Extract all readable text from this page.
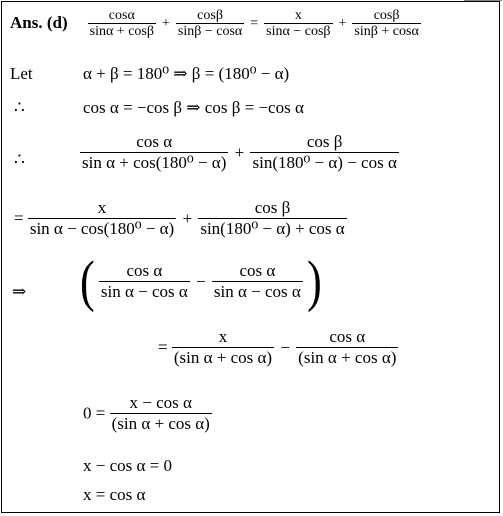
Ans. $(d) \frac{\cos\alpha}{\sin\alpha + \cos\beta} + \frac{\cos\beta}{\sin\beta - \cos\alpha} = \frac{x}{\sin\alpha - \cos\beta} + \frac{\cos\beta}{\sin\beta + \cos\alpha}$
Let	α + β = 180⁰ ⇒ β = (180⁰ − α)
∴	cos α = −cos β ⇒ cos β = −cos α
∴	$\frac{\text{cos α}}{\text{sin α + cos(180⁰ − α)}} + \frac{\text{cos β}}{\text{sin(180⁰ − α) − cos α}}$
= $\frac{x}{\text{sin α − cos(180⁰ − α)}} + \frac{\text{cos β}}{\text{sin(180⁰ − α) + cos α}}$
⇒ ( $\frac{\text{cos α}}{\text{sin α − cos α}} - \frac{\text{cos α}}{\text{sin α − cos α}}$ )
= $\frac{x}{\text{(sin α + cos α)}} - \frac{\text{cos α}}{\text{(sin α + cos α)}}$
$0 = \frac{\text{x − cos α}}{\text{(sin α + cos α)}}$
x − cos α = 0
x = cos α
